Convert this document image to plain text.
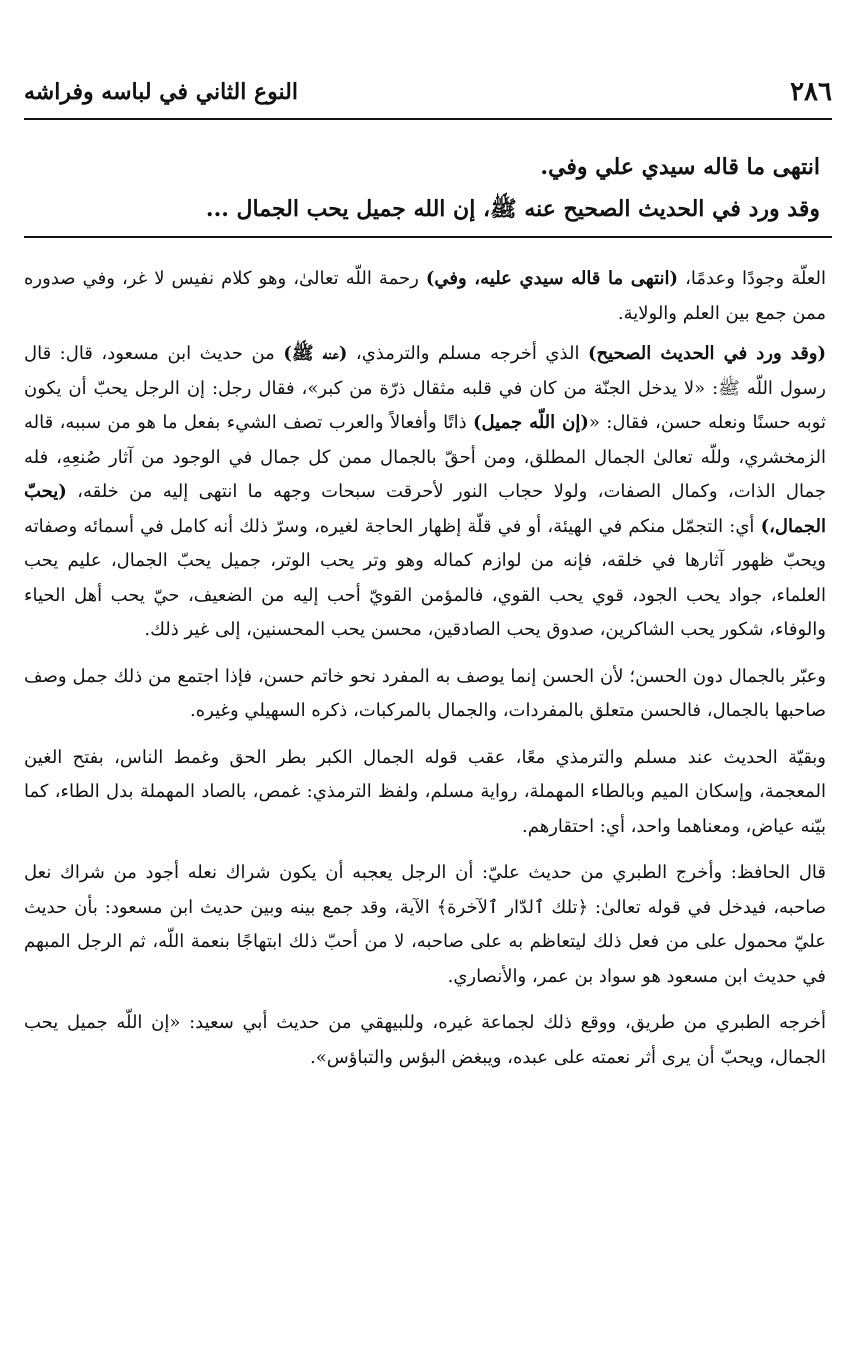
٢٨٦
النوع الثاني في لباسه وفراشه

انتهى ما قاله سيدي علي وفي.

وقد ورد في الحديث الصحيح عنه ﷺ، إن الله جميل يحب الجمال ...

العلّة وجودًا وعدمًا، (انتهى ما قاله سيدي عليه، وفي) رحمة اللّه تعالىٰ، وهو كلام نفيس لا غر، وفي صدوره ممن جمع بين العلم والولاية.

(وقد ورد في الحديث الصحيح) الذي أخرجه مسلم والترمذي، (عنه ﷺ) من حديث ابن مسعود، قال: قال رسول اللّه ﷺ: «لا يدخل الجنّة من كان في قلبه مثقال ذرّة من كبر»، فقال رجل: إن الرجل يحبّ أن يكون ثوبه حسنًا ونعله حسن، فقال: «(إن اللّه جميل) ذاتًا وأفعالاً والعرب تصف الشيء بفعل ما هو من سببه، قاله الزمخشري، وللّه تعالىٰ الجمال المطلق، ومن أحقّ بالجمال ممن كل جمال في الوجود من آثار صُنعِهِ، فله جمال الذات، وكمال الصفات، ولولا حجاب النور لأحرقت سبحات وجهه ما انتهى إليه من خلقه، (يحبّ الجمال،) أي: التجمّل منكم في الهيئة، أو في قلّة إظهار الحاجة لغيره، وسرّ ذلك أنه كامل في أسمائه وصفاته ويحبّ ظهور آثارها في خلقه، فإنه من لوازم كماله وهو وتر يحب الوتر، جميل يحبّ الجمال، عليم يحب العلماء، جواد يحب الجود، قوي يحب القوي، فالمؤمن القويّ أحب إليه من الضعيف، حيّ يحب أهل الحياء والوفاء، شكور يحب الشاكرين، صدوق يحب الصادقين، محسن يحب المحسنين، إلى غير ذلك.

وعبّر بالجمال دون الحسن؛ لأن الحسن إنما يوصف به المفرد نحو خاتم حسن، فإذا اجتمع من ذلك جمل وصف صاحبها بالجمال، فالحسن متعلق بالمفردات، والجمال بالمركبات، ذكره السهيلي وغيره.

وبقيّة الحديث عند مسلم والترمذي معًا، عقب قوله الجمال الكبر بطر الحق وغمط الناس، بفتح الغين المعجمة، وإسكان الميم وبالطاء المهملة، رواية مسلم، ولفظ الترمذي: غمص، بالصاد المهملة بدل الطاء، كما بيّنه عياض، ومعناهما واحد، أي: احتقارهم.

قال الحافظ: وأخرج الطبري من حديث عليّ: أن الرجل يعجبه أن يكون شراك نعله أجود من شراك نعل صاحبه، فيدخل في قوله تعالىٰ: ﴿تلك ٱلدّار ٱلآخرة﴾ الآية، وقد جمع بينه وبين حديث ابن مسعود: بأن حديث عليّ محمول على من فعل ذلك ليتعاظم به على صاحبه، لا من أحبّ ذلك ابتهاجًا بنعمة اللّه، ثم الرجل المبهم في حديث ابن مسعود هو سواد بن عمر، والأنصاري.

أخرجه الطبري من طريق، ووقع ذلك لجماعة غيره، وللبيهقي من حديث أبي سعيد: «إن اللّه جميل يحب الجمال، ويحبّ أن يرى أثر نعمته على عبده، ويبغض البؤس والتباؤس».
